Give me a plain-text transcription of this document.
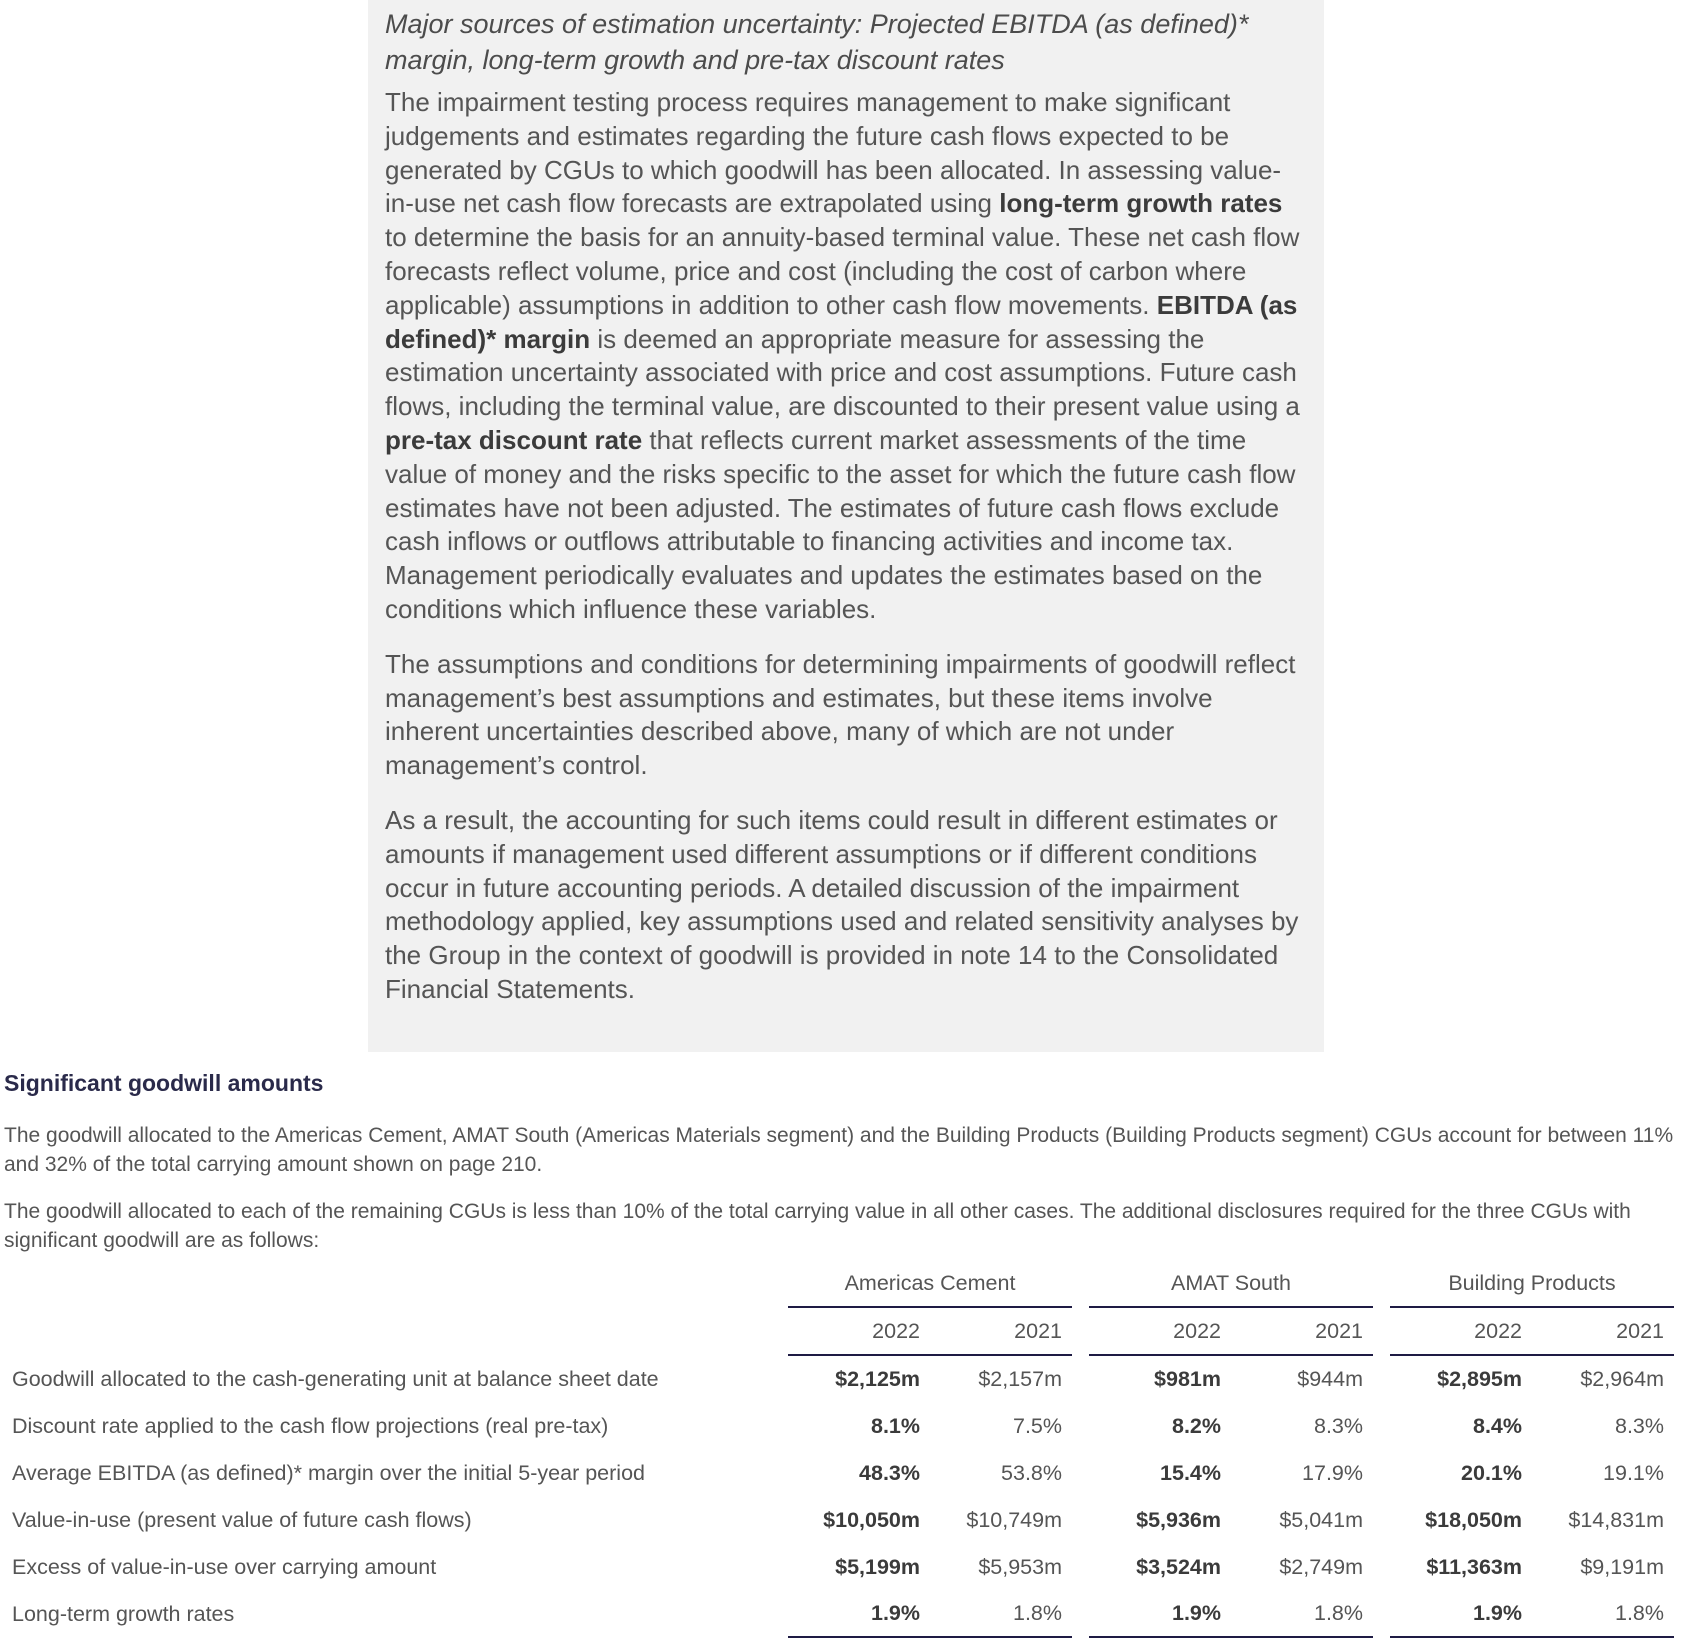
Major sources of estimation uncertainty: Projected EBITDA (as defined)* margin, long-term growth and pre-tax discount rates

The impairment testing process requires management to make significant judgements and estimates regarding the future cash flows expected to be generated by CGUs to which goodwill has been allocated. In assessing value-in-use net cash flow forecasts are extrapolated using long-term growth rates to determine the basis for an annuity-based terminal value. These net cash flow forecasts reflect volume, price and cost (including the cost of carbon where applicable) assumptions in addition to other cash flow movements. EBITDA (as defined)* margin is deemed an appropriate measure for assessing the estimation uncertainty associated with price and cost assumptions. Future cash flows, including the terminal value, are discounted to their present value using a pre-tax discount rate that reflects current market assessments of the time value of money and the risks specific to the asset for which the future cash flow estimates have not been adjusted. The estimates of future cash flows exclude cash inflows or outflows attributable to financing activities and income tax. Management periodically evaluates and updates the estimates based on the conditions which influence these variables.

The assumptions and conditions for determining impairments of goodwill reflect management’s best assumptions and estimates, but these items involve inherent uncertainties described above, many of which are not under management’s control.

As a result, the accounting for such items could result in different estimates or amounts if management used different assumptions or if different conditions occur in future accounting periods. A detailed discussion of the impairment methodology applied, key assumptions used and related sensitivity analyses by the Group in the context of goodwill is provided in note 14 to the Consolidated Financial Statements.

Significant goodwill amounts

The goodwill allocated to the Americas Cement, AMAT South (Americas Materials segment) and the Building Products (Building Products segment) CGUs account for between 11% and 32% of the total carrying amount shown on page 210.

The goodwill allocated to each of the remaining CGUs is less than 10% of the total carrying value in all other cases. The additional disclosures required for the three CGUs with significant goodwill are as follows:

	Americas Cement			AMAT South			Building Products	
	2022	2021		2022	2021		2022	2021
Goodwill allocated to the cash-generating unit at balance sheet date	$2,125m	$2,157m		$981m	$944m		$2,895m	$2,964m
Discount rate applied to the cash flow projections (real pre-tax)	8.1%	7.5%		8.2%	8.3%		8.4%	8.3%
Average EBITDA (as defined)* margin over the initial 5-year period	48.3%	53.8%		15.4%	17.9%		20.1%	19.1%
Value-in-use (present value of future cash flows)	$10,050m	$10,749m		$5,936m	$5,041m		$18,050m	$14,831m
Excess of value-in-use over carrying amount	$5,199m	$5,953m		$3,524m	$2,749m		$11,363m	$9,191m
Long-term growth rates	1.9%	1.8%		1.9%	1.8%		1.9%	1.8%
